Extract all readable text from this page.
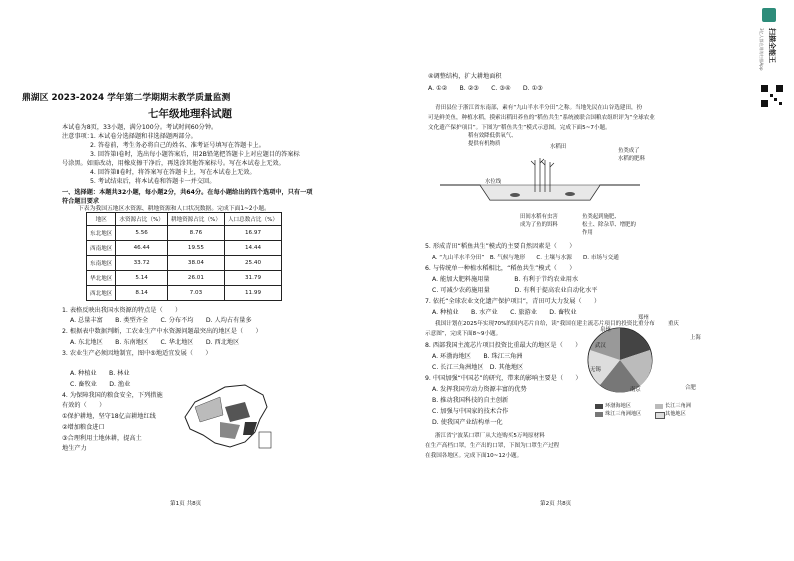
鼎湖区 2023-2024 学年第二学期期末教学质量监测
七年级地理科试题
本试卷为8页，33小题，满分100分。考试时间60分钟。
注意事项：
1. 本试卷分选择题和非选择题两部分。
2. 答卷前，考生务必将自己的姓名、准考证号填写在答题卡上。
3. 回答第Ⅰ卷时，选出每小题答案后，用2B铅笔把答题卡上对应题目的答案标
号涂黑。如需改动，用橡皮擦干净后，再选涂其他答案标号。写在本试卷上无效。
4. 回答第Ⅱ卷时，将答案写在答题卡上，写在本试卷上无效。
5. 考试结束后，将本试卷和答题卡一并交回。
一、选择题：本题共32小题，每小题2分，共64分。在每小题给出的四个选项中，只有一项
符合题目要求
下表为我国五地区水资源、耕地资源和人口状况数据。完成下面1~2小题。
地区	水资源占比（%）	耕地资源占比（%）	人口总数占比（%）
东北地区	5.56	8.76	16.97
西南地区	46.44	19.55	14.44
东南地区	33.72	38.04	25.40
华北地区	5.14	26.01	31.79
西北地区	8.14	7.03	11.99
1. 表格反映出我国水资源的特点是（　　）
A. 总量丰富　　B. 类型齐全　　C. 分布不均　　D. 人均占有量多
2. 根据表中数据判断，工农业生产中水资源问题最突出的地区是（　　）
A. 东北地区　　B. 东南地区　　C. 华北地区　　D. 西北地区
3. 农业生产必须因地制宜，图中⑤地适宜发展（　　）
A. 种植业　　B. 林业
C. 畜牧业　　D. 渔业
4. 为保障我国的粮食安全，下列措施
有效的（　　）
①保护耕地，坚守18亿亩耕地红线
②增加粮食进口
③合理利用土地休耕，提高土
地生产力
第1页 共8页
④调整结构，扩大耕地面积
A. ①②　　B. ②③　　C. ③④　　D. ①③
青田县位于浙江省东南部，素有“九山半水半分田”之称。当地先民在山谷选建田，扮
可是鲜美鱼，种植水稻，摸索出稻田养鱼的“稻鱼共生”系统被联合国粮农组织评为“全球农业
文化遗产保护项目”。下图为“稻鱼共生”模式示意图。完成下面5~7小题。
稻有效降低供氧气、
提供有机物质	水稻田
鱼类成了
水稻的肥料
水位线
田间水稻有虫害
成为了鱼的饵料
鱼类起到施肥、
松土、除杂草、增肥的
作用
5. 形成青田“稻鱼共生”模式的主要自然因素是（　　）
A. “九山半水半分田”　B. 气候与地形　　C. 土壤与水源　　D. 市场与交通
6. 与传统单一种植水稻相比，“稻鱼共生”模式（　　）
A. 能加大肥料施用量　　　　B. 有利于节约农业用水
C. 可减少农药施用量　　　　D. 有利于提高农业自动化水平
7. 依托“全球农业文化遗产保护项目”，青田可大力发展（　　）
A. 种植业　　B. 水产业　　C. 旅游业　　D. 畜牧业
我国计划在2025年实现70%的国内芯片自给，读“我国在建主流芯片项目的投资比重分布
示意图”，完成下面8~9小题。
8. 西部我国主流芯片项目投资比重最大的地区是（　　）
A. 环渤海地区　　B. 珠江三角洲
C. 长江三角洲地区　D. 其他地区
9. 中国加强“中国芯”的研究，带来的影响主要是（　　）
A. 发挥我国劳动力资源丰富的优势
B. 推动我国科技的自主创新
C. 加强与中国家的技术合作
D. 使我国产业结构单一化
浙江省宁波某口罩厂从大连购买5万吨原材料
在生产高档口罩，生产出的口罩，下图为口罩生产过程
在我国各地区。完成下面10~12小题。
郑州
重庆
泉州
武汉
上海
南京	合肥
无锡
环渤海地区	长江三角洲
珠江三角洲地区	其他地区
第2页 共8页
扫描全能王
3亿人都在用的扫描App
